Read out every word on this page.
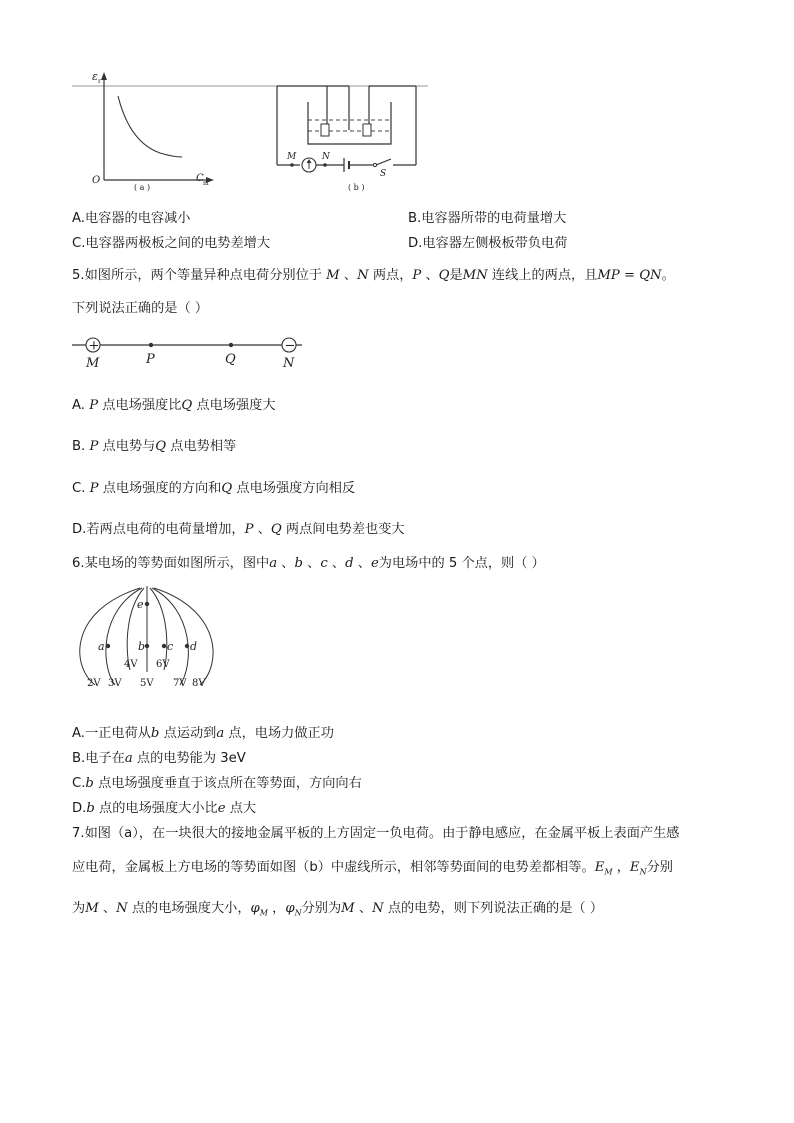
ε r
O	C m
( a )
M	N
S
( b )
A.电容器的电容减小	B.电容器所带的电荷量增大
C.电容器两极板之间的电势差增大	D.电容器左侧极板带负电荷
5.如图所示，两个等量异种点电荷分别位于 M 、N 两点，P 、Q是MN 连线上的两点，且MP = QN。
下列说法正确的是（ ）
+	−
M	P	Q	N
A. P 点电场强度比Q 点电场强度大
B. P 点电势与Q 点电势相等
C. P 点电场强度的方向和Q 点电场强度方向相反
D.若两点电荷的电荷量增加，P 、Q 两点间电势差也变大
6.某电场的等势面如图所示，图中a 、b 、c 、d 、e为电场中的 5 个点，则（ ）
e
a	b c d
4V 6V
2V 3V 5V 7V 8V
A.一正电荷从b 点运动到a 点，电场力做正功
B.电子在a 点的电势能为 3eV
C.b 点电场强度垂直于该点所在等势面，方向向右
D.b 点的电场强度大小比e 点大
7.如图（a），在一块很大的接地金属平板的上方固定一负电荷。由于静电感应，在金属平板上表面产生感
应电荷，金属板上方电场的等势面如图（b）中虚线所示，相邻等势面间的电势差都相等。$E_M$ ，$E_N$分别
为M 、N 点的电场强度大小，$\varphi_M$ ，$\varphi_N$分别为M 、N 点的电势，则下列说法正确的是（ ）
